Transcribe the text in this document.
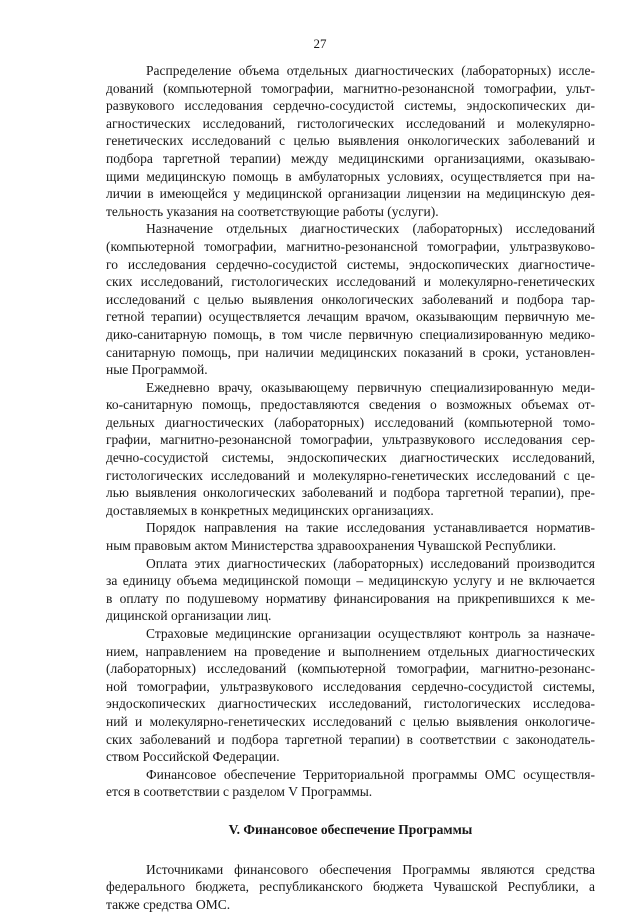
27
Распределение объема отдельных диагностических (лабораторных) иссле-
дований (компьютерной томографии, магнитно-резонансной томографии, ульт-
развукового исследования сердечно-сосудистой системы, эндоскопических ди-
агностических исследований, гистологических исследований и молекулярно-
генетических исследований с целью выявления онкологических заболеваний и
подбора таргетной терапии) между медицинскими организациями, оказываю-
щими медицинскую помощь в амбулаторных условиях, осуществляется при на-
личии в имеющейся у медицинской организации лицензии на медицинскую дея-
тельность указания на соответствующие работы (услуги).
Назначение отдельных диагностических (лабораторных) исследований
(компьютерной томографии, магнитно-резонансной томографии, ультразвуково-
го исследования сердечно-сосудистой системы, эндоскопических диагностиче-
ских исследований, гистологических исследований и молекулярно-генетических
исследований с целью выявления онкологических заболеваний и подбора тар-
гетной терапии) осуществляется лечащим врачом, оказывающим первичную ме-
дико-санитарную помощь, в том числе первичную специализированную медико-
санитарную помощь, при наличии медицинских показаний в сроки, установлен-
ные Программой.
Ежедневно врачу, оказывающему первичную специализированную меди-
ко-санитарную помощь, предоставляются сведения о возможных объемах от-
дельных диагностических (лабораторных) исследований (компьютерной томо-
графии, магнитно-резонансной томографии, ультразвукового исследования сер-
дечно-сосудистой системы, эндоскопических диагностических исследований,
гистологических исследований и молекулярно-генетических исследований с це-
лью выявления онкологических заболеваний и подбора таргетной терапии), пре-
доставляемых в конкретных медицинских организациях.
Порядок направления на такие исследования устанавливается норматив-
ным правовым актом Министерства здравоохранения Чувашской Республики.
Оплата этих диагностических (лабораторных) исследований производится
за единицу объема медицинской помощи – медицинскую услугу и не включается
в оплату по подушевому нормативу финансирования на прикрепившихся к ме-
дицинской организации лиц.
Страховые медицинские организации осуществляют контроль за назначе-
нием, направлением на проведение и выполнением отдельных диагностических
(лабораторных) исследований (компьютерной томографии, магнитно-резонанс-
ной томографии, ультразвукового исследования сердечно-сосудистой системы,
эндоскопических диагностических исследований, гистологических исследова-
ний и молекулярно-генетических исследований с целью выявления онкологиче-
ских заболеваний и подбора таргетной терапии) в соответствии с законодатель-
ством Российской Федерации.
Финансовое обеспечение Территориальной программы ОМС осуществля-
ется в соответствии с разделом V Программы.
V. Финансовое обеспечение Программы
Источниками финансового обеспечения Программы являются средства
федерального бюджета, республиканского бюджета Чувашской Республики, а
также средства ОМС.
